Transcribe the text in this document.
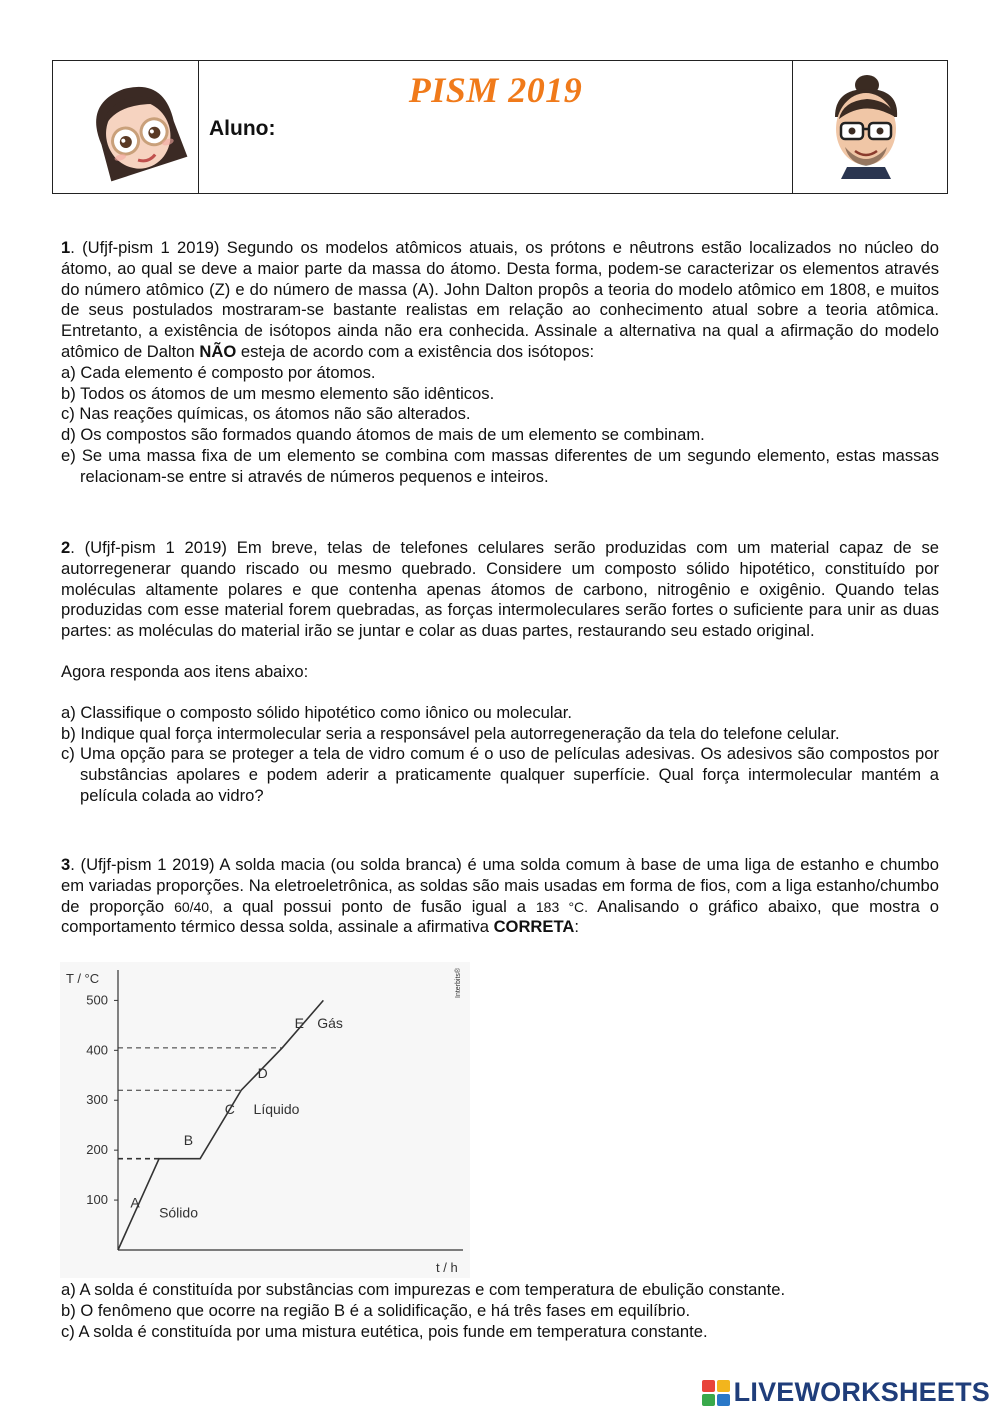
PISM 2019
Aluno:

1. (Ufjf-pism 1 2019) Segundo os modelos atômicos atuais, os prótons e nêutrons estão localizados no núcleo do átomo, ao qual se deve a maior parte da massa do átomo. Desta forma, podem-se caracterizar os elementos através do número atômico (Z) e do número de massa (A). John Dalton propôs a teoria do modelo atômico em 1808, e muitos de seus postulados mostraram-se bastante realistas em relação ao conhecimento atual sobre a teoria atômica. Entretanto, a existência de isótopos ainda não era conhecida. Assinale a alternativa na qual a afirmação do modelo atômico de Dalton NÃO esteja de acordo com a existência dos isótopos:

a) Cada elemento é composto por átomos.

b) Todos os átomos de um mesmo elemento são idênticos.

c) Nas reações químicas, os átomos não são alterados.

d) Os compostos são formados quando átomos de mais de um elemento se combinam.

e) Se uma massa fixa de um elemento se combina com massas diferentes de um segundo elemento, estas massas relacionam-se entre si através de números pequenos e inteiros.

2. (Ufjf-pism 1 2019) Em breve, telas de telefones celulares serão produzidas com um material capaz de se autorregenerar quando riscado ou mesmo quebrado. Considere um composto sólido hipotético, constituído por moléculas altamente polares e que contenha apenas átomos de carbono, nitrogênio e oxigênio. Quando telas produzidas com esse material forem quebradas, as forças intermoleculares serão fortes o suficiente para unir as duas partes: as moléculas do material irão se juntar e colar as duas partes, restaurando seu estado original.

Agora responda aos itens abaixo:

a) Classifique o composto sólido hipotético como iônico ou molecular.

b) Indique qual força intermolecular seria a responsável pela autorregeneração da tela do telefone celular.

c) Uma opção para se proteger a tela de vidro comum é o uso de películas adesivas. Os adesivos são compostos por substâncias apolares e podem aderir a praticamente qualquer superfície. Qual força intermolecular mantém a película colada ao vidro?

3. (Ufjf-pism 1 2019) A solda macia (ou solda branca) é uma solda comum à base de uma liga de estanho e chumbo em variadas proporções. Na eletroeletrônica, as soldas são mais usadas em forma de fios, com a liga estanho/chumbo de proporção 60/40, a qual possui ponto de fusão igual a 183 °C. Analisando o gráfico abaixo, que mostra o comportamento térmico dessa solda, assinale a afirmativa CORRETA:

T / °C
t / h
100
200
300
400
500
A
B
C
D
E
Sólido
Líquido
Gás
Interbits®

a) A solda é constituída por substâncias com impurezas e com temperatura de ebulição constante.

b) O fenômeno que ocorre na região B é a solidificação, e há três fases em equilíbrio.

c) A solda é constituída por uma mistura eutética, pois funde em temperatura constante.

LIVEWORKSHEETS
